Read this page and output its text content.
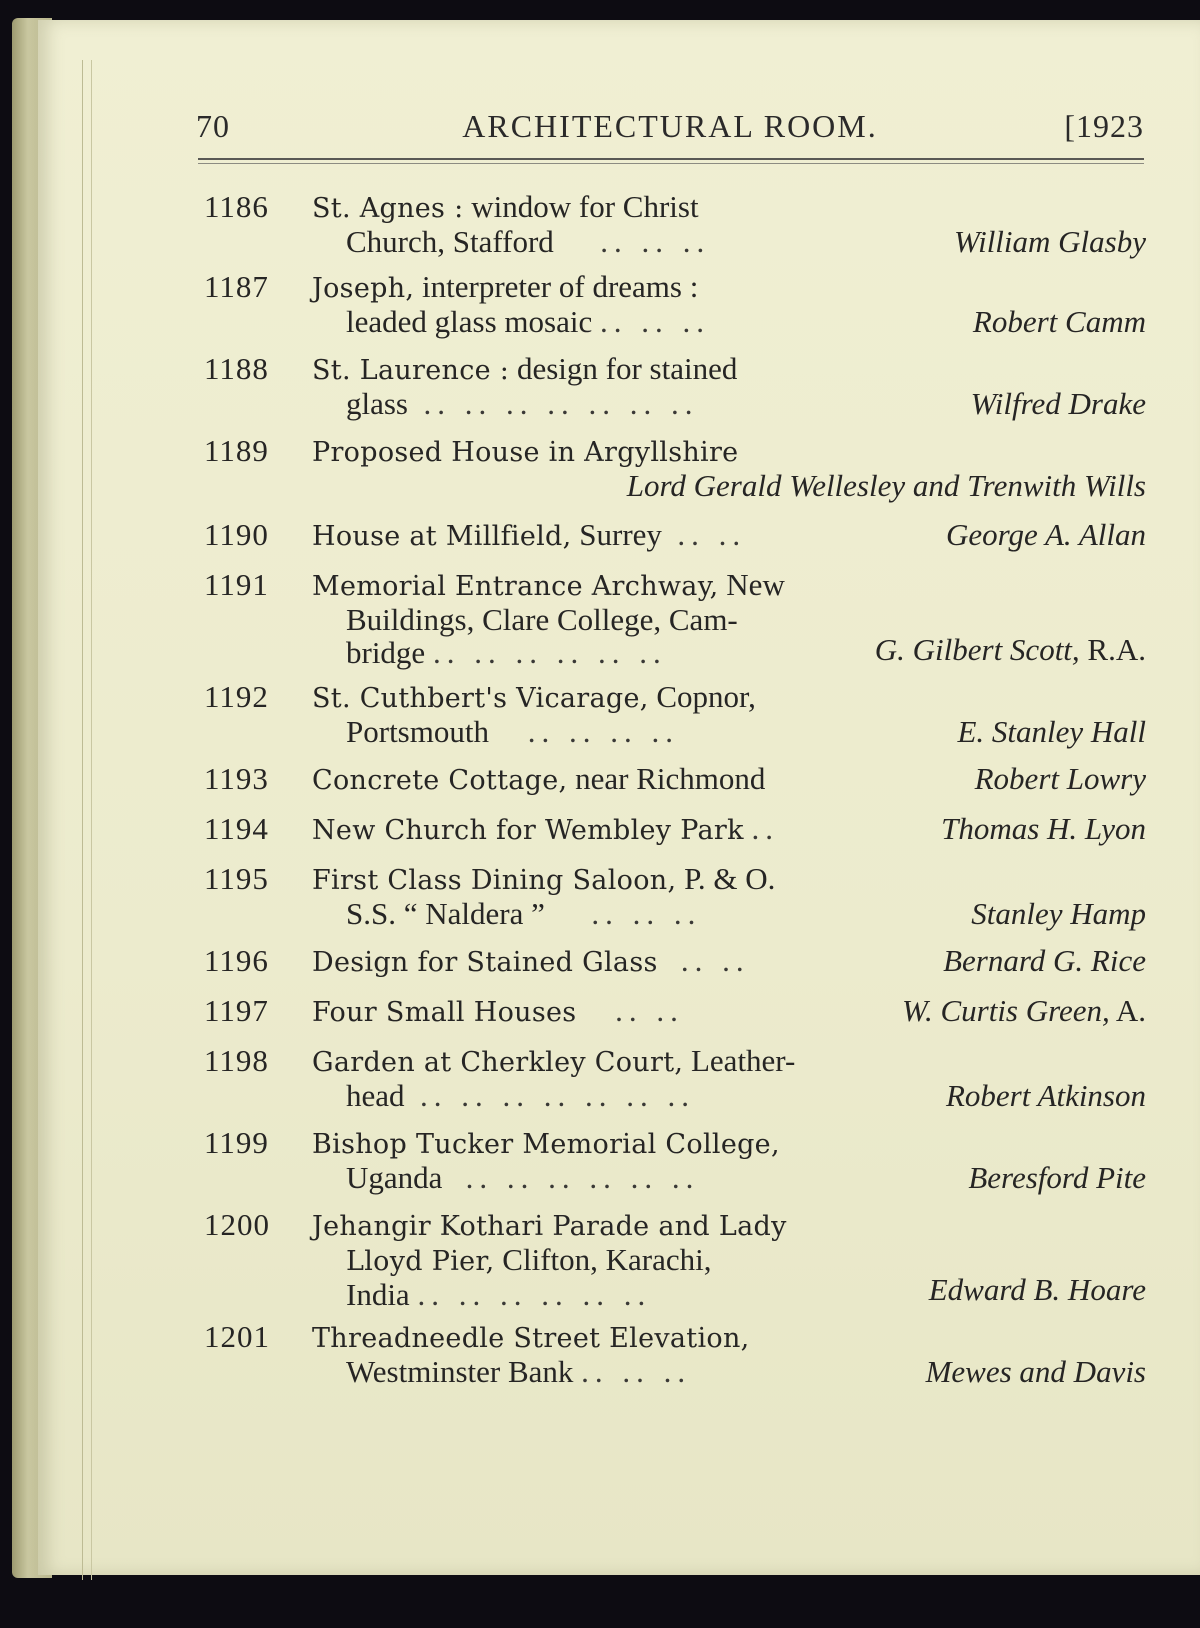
70	ARCHITECTURAL ROOM.	[1923
1186	St. Agnes : window for Christ
Church, Stafford .. .. ..	William Glasby
1187	Joseph, interpreter of dreams :
leaded glass mosaic .. .. ..	Robert Camm
1188	St. Laurence : design for stained
glass .. .. .. .. .. .. ..	Wilfred Drake
1189	Proposed House in Argyllshire
Lord Gerald Wellesley and Trenwith Wills
1190	House at Millfield, Surrey .. ..	George A. Allan
1191	Memorial Entrance Archway, New
Buildings, Clare College, Cam-
bridge .. .. .. .. .. ..	G. Gilbert Scott, R.A.
1192	St. Cuthbert's Vicarage, Copnor,
Portsmouth .. .. .. ..	E. Stanley Hall
1193	Concrete Cottage, near Richmond	Robert Lowry
1194	New Church for Wembley Park ..	Thomas H. Lyon
1195	First Class Dining Saloon, P. & O.
S.S. “ Naldera ” .. .. ..	Stanley Hamp
1196	Design for Stained Glass .. ..	Bernard G. Rice
1197	Four Small Houses .. ..	W. Curtis Green, A.
1198	Garden at Cherkley Court, Leather-
head .. .. .. .. .. .. ..	Robert Atkinson
1199	Bishop Tucker Memorial College,
Uganda .. .. .. .. .. ..	Beresford Pite
1200	Jehangir Kothari Parade and Lady
Lloyd Pier, Clifton, Karachi,
India .. .. .. .. .. ..	Edward B. Hoare
1201	Threadneedle Street Elevation,
Westminster Bank .. .. ..	Mewes and Davis
